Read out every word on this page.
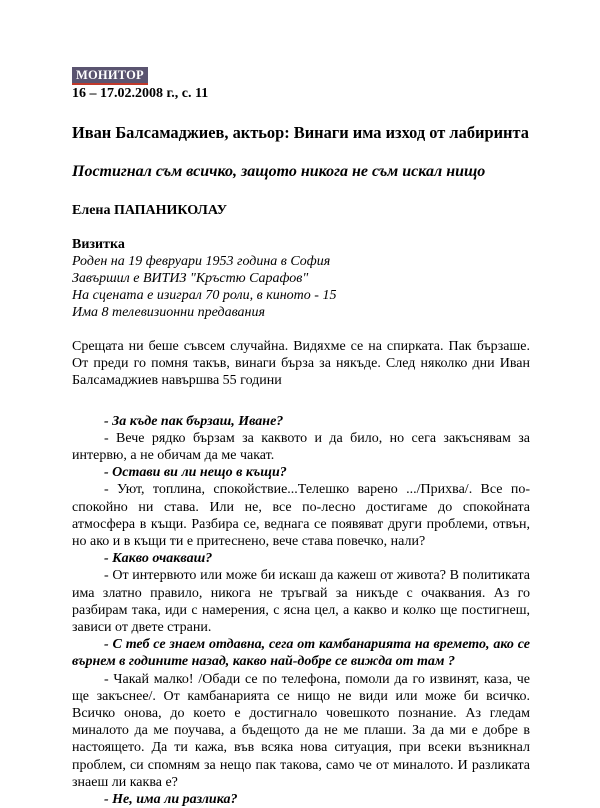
МОНИТОР
16 – 17.02.2008 г., с. 11
Иван Балсамаджиев, актьор: Винаги има изход от лабиринта
Постигнал съм всичко, защото никога не съм искал нищо
Елена ПАПАНИКОЛАУ
Визитка
Роден на 19 февруари 1953 година в София
Завършил е ВИТИЗ "Кръстю Сарафов"
На сцената е изиграл 70 роли, в киното - 15
Има 8 телевизионни предавания
Срещата ни беше съвсем случайна. Видяхме се на спирката. Пак бързаше. От преди го помня такъв, винаги бърза за някъде. След няколко дни Иван Балсамаджиев навършва 55 години
- За къде пак бързаш, Иване?
- Вече рядко бързам за каквото и да било, но сега закъснявам за интервю, а не обичам да ме чакат.
- Остави ви ли нещо в къщи?
- Уют, топлина, спокойствие...Телешко варено .../Прихва/. Все по-спокойно ни става. Или не, все по-лесно достигаме до спокойната атмосфера в къщи. Разбира се, веднага се появяват други проблеми, отвън, но ако и в къщи ти е притеснено, вече става повечко, нали?
- Какво очакваш?
- От интервюто или може би искаш да кажеш от живота? В политиката има златно правило, никога не тръгвай за никъде с очаквания. Аз го разбирам така, иди с намерения, с ясна цел, а какво и колко ще постигнеш, зависи от двете страни.
- С теб се знаем отдавна, сега от камбанарията на времето, ако се върнем в годините назад, какво най-добре се вижда от там ?
- Чакай малко! /Обади се по телефона, помоли да го извинят, каза, че ще закъснее/. От камбанарията се нищо не види или може би всичко. Всичко онова, до което е достигнало човешкото познание. Аз гледам миналото да ме поучава, а бъдещото да не ме плаши. За да ми е добре в настоящето. Да ти кажа, във всяка нова ситуация, при всеки възникнал проблем, си спомням за нещо пак такова, само че от миналото. И разликата знаеш ли каква е?
- Не, има ли разлика?
